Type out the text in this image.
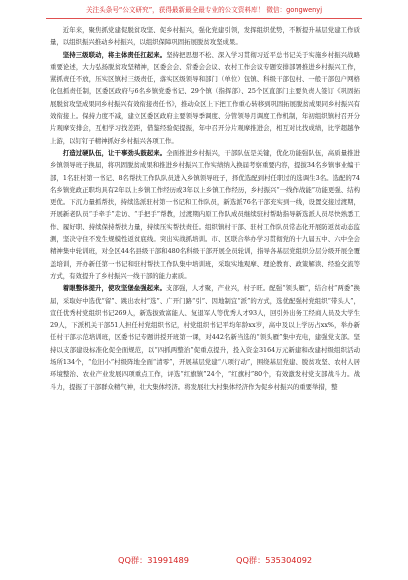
关注头条号“公文研究”，获得最新最全最专业的公文资料库！ 微信：gongwenyj

近年来，聚焦抓党建促脱贫攻坚、促乡村振兴，强化党建引领，发挥组织优势，不断提升基层党建工作质量，以组织振兴推动乡村振兴，以组织保障巩固拓展脱贫攻坚成果。

坚持三级联动，将主体责任扛起来。坚持把思想不松、深入学习贯彻习近平总书记关于实施乡村振兴战略重要论述，大力弘扬脱贫攻坚精神，区委会会、常委会会议、农村工作会议专题安排部署推进乡村振兴工作，紧抓责任不放，压实区镇村三级责任，落实区级领导和部门（单位）包镇、科级干部包村、一般干部包户网格化包抓责任制，区委区政府与6名乡镇党委书记、29个镇（指挥部）、25个区直部门主要负责人签订《巩固拓展脱贫攻坚成果同乡村振兴有效衔接责任书》，推动众区上下把工作重心转移到巩固拓展脱贫成果同乡村振兴有效衔接上。保持力度不减，建立区委区政府主要领导季调度、分管领导月调度工作机制，年初组织镇村召开分片观摩安排会，互相学习找差距，借鉴经验促提振，年中召开分片观摩推进会，相互对比找成绩，比学超越争上游，以钉钉子精神抓好乡村振兴各项工作。

打造过硬队伍，让干事劲头鼓起来。全面推进乡村振兴，干部队伍是关键，优化功能强队伍，高质量推进乡镇领导班子换届，将巩固脱贫成果和推进乡村振兴工作实绩纳入换届考察重要内容，提拔34名乡镇事业编干部，1名驻村第一书记、8名帮扶工作队队员进入乡镇领导班子，择优选配到村任职过的选调生3名。选配的74名乡镇党政正职均具有2年以上乡镇工作经历或3年以上乡镇工作经历，乡村振兴“一线作战能”功能更强、结构更优。下沉力量抓帮扶，持续选派驻村第一书记和工作队员，新选派76名干部充实到一线，设置交接过渡期，开展新老队员“手牵手”走访、“手把手”帮教，过渡期内原工作队成员继续驻村帮助指导新选派人员尽快熟悉工作、履好职、持续保持帮扶力量，持续压实帮扶责任。组织镇村干部、驻村工作队员常态化开展防返贫动态监测，坚决守住不发生规模性返贫底线。突出实战抓培训。市、区联合举办学习贯彻党的十九届五中、六中全会精神集中轮训班，对全区44名县级干部和480名科级干部开展全员轮训，指导各基层党组织分层分级开展全覆盖培训，开办新任第一书记和驻村帮扶工作队集中培训班，采取实地观摩、理论教育、政策解读、经验交流等方式，有效提升了乡村振兴一线干部的能力素质。

着眼整体提升，使攻坚堡垒强起来。支部强，人才聚，产业兴，村子旺。配强“领头雁”，结合村“两委”换届，采取好中选优“留”、跳出农村“选”、广开门路“引”、因地制宜“派”的方式，选优配强村党组织“带头人”，宣任优秀村党组织书记269人，新选拔致富能人、复退军人等优秀人才93人，回引外出务工经商人员及大学生29人，下派机关干部51人担任村党组织书记，村党组织书记平均年龄xx岁，高中及以上学历占xx%，举办新任村干部示范培训班，区委书记专题讲授开班第一课，对442名新当选的“领头雁”集中充电，建强党支部。坚持以支部建设标准化促全面规范，以“四抓两整治”促重点提升，投入资金3164万元新建和改建村级组织活动场所134个，“危旧小”村级阵地全面“清零”，开展基层党建“八项行动”，围绕基层党建、脱贫攻坚、农村人居环境整治、农业产业发展四项重点工作，评选“红旗镇”24个，“红旗村”80个，有效激发村党支部战斗力。战斗力，提振了干部群众精气神，壮大集体经济。将发展壮大村集体经济作为促乡村振兴的重要举措，整

QQ群：31991489	QQ群：535304092
